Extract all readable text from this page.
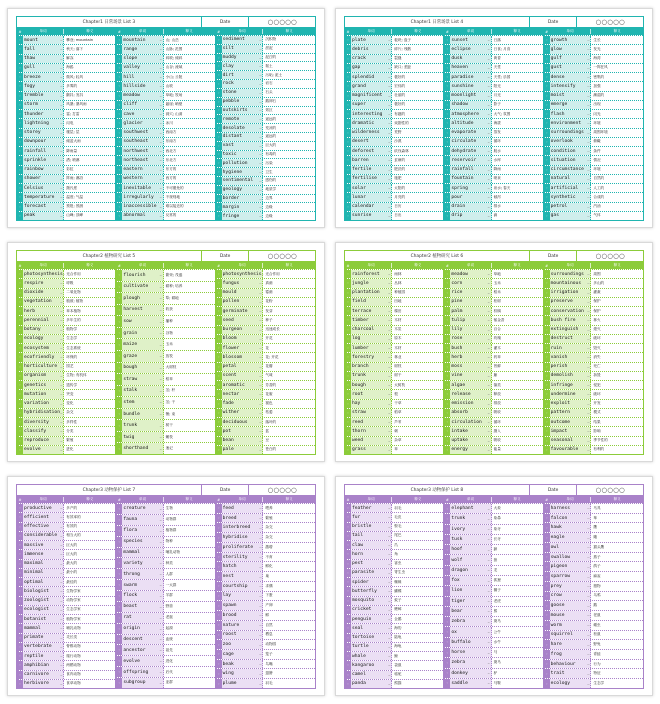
Chapter1 日常场景 List 3	Date	○○○○○
#	单词	释义
◦ mount	…	攀登; mountain
◦ fall	…	秋天; 落下
◦ thaw	…	解冻
◦ gull	…	海鸥
◦ breeze	…	微风; 轻风
◦ fogy	…	多雾的
◦ tremble	…	颤抖; 发抖
◦ storm	…	风暴; 暴风雨
◦ thunder	…	雷; 打雷
◦ lightning	…	闪电
◦ storey	…	楼层; 层
◦ downpour	…	倾盆大雨
◦ rainfall	…	降雨量
◦ sprinkle	…	洒; 喷淋
◦ rainbow	…	彩虹
◦ shower	…	阵雨; 淋浴
◦ Celsius	…	摄氏度
◦ temperature …	温度; 气温
◦ forecast	…	预报; 预测
◦ peak	…	山峰; 顶峰
#	单词	释义
◦ mountain	…	山; 山岳
◦ range	…	山脉; 范围
◦ slope	…	斜坡; 倾斜
◦ valley	…	山谷; 流域
◦ hill	…	小山; 丘陵
◦ hillside	…	山坡
◦ meadow	…	草地; 牧场
◦ cliff	…	悬崖; 峭壁
◦ cave	…	洞穴; 山洞
◦ glacier	…	冰川
◦ southwest	…	西南方
◦ southeast	…	东南方
◦ northwest	…	西北方
◦ northeast	…	东北方
◦ eastern	…	东方的
◦ western	…	西方的
◦ inevitable	…	不可避免的
◦ irregularly …	不规则地
◦ inaccessible …	难以接近的
◦ abnormal	…	反常的
#	单词	释义
◦ sediment	…	沉积物
◦ silt	…	淤泥
◦ muddy	…	泥泞的
◦ clay	…	黏土
◦ dirt	…	污垢; 泥土
◦ rock	…	岩石
◦ stone	…	石头
◦ pebble	…	鹅卵石
◦ outskirts	…	郊区
◦ remote	…	遥远的
◦ desolate	…	荒凉的
◦ distant	…	遥远的
◦ vast	…	巨大的
◦ toxic	…	有毒的
◦ pollution	…	污染
◦ hygiene	…	卫生
◦ sentimental …	感伤的
◦ geology	…	地质学
◦ border	…	边界
◦ margin	…	边缘
◦ fringe	…	边缘
Chapter1 日常场景 List 4	Date	○○○○○
#	单词	释义
◦ plate	…	板块; 盘子
◦ debris	…	碎片; 残骸
◦ crack	…	裂缝
◦ gap	…	缺口; 差距
◦ splendid	…	极好的
◦ grand	…	宏伟的
◦ magnificent …	壮丽的
◦ super	…	极好的
◦ interesting …	有趣的
◦ dramatic	…	戏剧性的
◦ wilderness	…	荒野
◦ desert	…	沙漠
◦ deforest	…	砍伐森林
◦ barren	…	贫瘠的
◦ fertile	…	肥沃的
◦ fertilise	…	施肥
◦ solar	…	太阳的
◦ lunar	…	月亮的
◦ calendar	…	日历
◦ sunrise	…	日出
#	单词	释义
◦ sunset	…	日落
◦ eclipse	…	日食; 月食
◦ dusk	…	黄昏
◦ heaven	…	天堂
◦ paradise	…	天堂; 乐园
◦ sunshine	…	阳光
◦ moonlight	…	月光
◦ shadow	…	影子
◦ atmosphere	…	大气; 氛围
◦ altitude	…	海拔
◦ evaporate	…	蒸发
◦ circulate	…	循环
◦ dehydrate	…	脱水
◦ reservoir	…	水库
◦ rainfall	…	降雨
◦ fountain	…	喷泉
◦ spring	…	泉水; 春天
◦ pour	…	倾泻
◦ drain	…	排水
◦ drip	…	滴
#	单词	释义
◦ growth	…	生长
◦ glow	…	发光
◦ gulf	…	海湾
◦ gust	…	一阵狂风
◦ dense	…	密集的
◦ intensify	…	加强
◦ moist	…	潮湿的
◦ emerge	…	出现
◦ flash	…	闪光
◦ environment …	环境
◦ surroundings …	周围环境
◦ overlook	…	俯瞰
◦ condition	…	条件
◦ situation	…	情况
◦ circumstance …	环境
◦ natural	…	自然的
◦ artificial	…	人工的
◦ synthetic	…	合成的
◦ petrol	…	汽油
◦ gas	…	气体
Chapter2 植物研究 List 5	Date	○○○○○
#	单词	释义
◦ photosynthesis … 光合作用
◦ respire	…	呼吸
◦ dioxide	…	二氧化物
◦ vegetation	…	植被; 植物
◦ herb	…	草本植物
◦ perennial	…	多年生的
◦ botany	…	植物学
◦ ecology	…	生态学
◦ ecosystem	…	生态系统
◦ ecofriendly …	环保的
◦ horticulture …	园艺
◦ organism	…	生物; 有机体
◦ genetics	…	遗传学
◦ mutation	…	突变
◦ variation	…	变化
◦ hybridisation …	杂交
◦ diversity	…	多样性
◦ classify	…	分类
◦ reproduce	…	繁殖
◦ evolve	…	进化
#	单词	释义
◦ flourish	…	繁荣; 茂盛
◦ cultivate	…	耕种; 培养
◦ plough	…	犁; 耕地
◦ harvest	…	收获
◦ sow	…	播种
◦ grain	…	谷物
◦ maize	…	玉米
◦ graze	…	放牧
◦ bough	…	大树枝
◦ straw	…	稻草
◦ stalk	…	茎; 秆
◦ stem	…	茎; 干
◦ bundle	…	捆; 束
◦ trunk	…	树干
◦ twig	…	嫩枝
◦ shorthand	…	速记
#	单词	释义
◦ photosynthesis … 光合作用
◦ fungus	…	真菌
◦ mould	…	霉菌
◦ pollen	…	花粉
◦ germinate	…	发芽
◦ seed	…	种子
◦ burgeon	…	迅速成长
◦ bloom	…	开花
◦ flower	…	花
◦ blossom	…	花; 开花
◦ petal	…	花瓣
◦ scent	…	气味
◦ aromatic	…	芳香的
◦ nectar	…	花蜜
◦ fade	…	褪色
◦ wither	…	枯萎
◦ deciduous	…	落叶的
◦ pot	…	盆
◦ bean	…	豆
◦ pale	…	苍白的
Chapter2 植物研究 List 6	Date	○○○○○
#	单词	释义
◦ rainforest	…	雨林
◦ jungle	…	丛林
◦ plantation	…	种植园
◦ field	…	田地
◦ terrace	…	梯田
◦ timber	…	木材
◦ charcoal	…	木炭
◦ log	…	原木
◦ lumber	…	木材
◦ forestry	…	林业
◦ branch	…	树枝
◦ trunk	…	树干
◦ bough	…	大树枝
◦ root	…	根
◦ hay	…	干草
◦ straw	…	稻草
◦ reed	…	芦苇
◦ thorn	…	刺
◦ weed	…	杂草
◦ grass	…	草
#	单词	释义
◦ meadow	…	草地
◦ corn	…	玉米
◦ rice	…	稻米
◦ pine	…	松树
◦ palm	…	棕榈
◦ tulip	…	郁金香
◦ lily	…	百合
◦ rose	…	玫瑰
◦ bush	…	灌木
◦ herb	…	药草
◦ moss	…	苔藓
◦ vine	…	藤
◦ algae	…	藻类
◦ release	…	释放
◦ emission	…	排放
◦ absorb	…	吸收
◦ circulation …	循环
◦ intake	…	摄入
◦ uptake	…	吸收
◦ energy	…	能量
#	单词	释义
◦ surroundings …	周围
◦ mountainous …	多山的
◦ irrigation	…	灌溉
◦ preserve	…	保护
◦ conservation …	保护
◦ bush fire	…	林火
◦ extinguish	…	熄灭
◦ destruct	…	破坏
◦ ruin	…	毁灭
◦ vanish	…	消失
◦ perish	…	死亡
◦ demolish	…	拆毁
◦ infringe	…	侵犯
◦ undermine	…	破坏
◦ exploit	…	开发
◦ pattern	…	模式
◦ outcome	…	结果
◦ impact	…	影响
◦ seasonal	…	季节性的
◦ favourable	…	有利的
Chapter3 动物保护 List 7	Date	○○○○○
#	单词	释义
◦ productive	…	多产的
◦ efficient	…	有效率的
◦ effective	…	有效的
◦ considerable …	相当大的
◦ massive	…	巨大的
◦ immense	…	巨大的
◦ maximal	…	最大的
◦ minimal	…	最小的
◦ optimal	…	最佳的
◦ biologist	…	生物学家
◦ zoologist	…	动物学家
◦ ecologist	…	生态学家
◦ botanist	…	植物学家
◦ mammal	…	哺乳动物
◦ primate	…	灵长类
◦ vertebrate	…	脊椎动物
◦ reptile	…	爬行动物
◦ amphibian	…	两栖动物
◦ carnivore	…	食肉动物
◦ herbivore	…	食草动物
#	单词	释义
◦ creature	…	生物
◦ fauna	…	动物群
◦ flora	…	植物群
◦ species	…	物种
◦ mammal	…	哺乳动物
◦ variety	…	种类
◦ throng	…	人群
◦ swarm	…	一大群
◦ flock	…	羊群
◦ beast	…	野兽
◦ rat	…	老鼠
◦ origin	…	起源
◦ descent	…	血统
◦ ancestor	…	祖先
◦ evolve	…	进化
◦ offspring	…	后代
◦ subgroup	…	亚群
#	单词	释义
◦ feed	…	喂养
◦ breed	…	繁殖
◦ interbreed	…	杂交
◦ hybridise	…	杂交
◦ proliferate …	激增
◦ sterility	…	不育
◦ hatch	…	孵化
◦ nest	…	巢
◦ courtship	…	求偶
◦ lay	…	下蛋
◦ spawn	…	产卵
◦ brood	…	孵
◦ nature	…	自然
◦ roost	…	栖息
◦ zoo	…	动物园
◦ cage	…	笼子
◦ beak	…	鸟嘴
◦ wing	…	翅膀
◦ plume	…	羽毛
Chapter3 动物保护 List 8	Date	○○○○○
#	单词	释义
◦ feather	…	羽毛
◦ fur	…	毛皮
◦ bristle	…	鬃毛
◦ tail	…	尾巴
◦ claw	…	爪
◦ horn	…	角
◦ pest	…	害虫
◦ parasite	…	寄生虫
◦ spider	…	蜘蛛
◦ butterfly	…	蝴蝶
◦ mosquito	…	蚊子
◦ cricket	…	蟋蟀
◦ penguin	…	企鹅
◦ seal	…	海豹
◦ tortoise	…	陆龟
◦ turtle	…	海龟
◦ whale	…	鲸
◦ kangaroo	…	袋鼠
◦ camel	…	骆驼
◦ panda	…	熊猫
#	单词	释义
◦ elephant	…	大象
◦ trunk	…	象鼻
◦ ivory	…	象牙
◦ tusk	…	长牙
◦ hoof	…	蹄
◦ wolf	…	狼
◦ dragon	…	龙
◦ fox	…	狐狸
◦ lion	…	狮子
◦ tiger	…	老虎
◦ bear	…	熊
◦ zebra	…	斑马
◦ ox	…	公牛
◦ buffalo	…	水牛
◦ horse	…	马
◦ zebra	…	斑马
◦ donkey	…	驴
◦ saddle	…	马鞍
#	单词	释义
◦ harness	…	马具
◦ falcon	…	隼
◦ hawk	…	鹰
◦ eagle	…	雕
◦ owl	…	猫头鹰
◦ swallow	…	燕子
◦ pigeon	…	鸽子
◦ sparrow	…	麻雀
◦ prey	…	猎物
◦ crow	…	乌鸦
◦ goose	…	鹅
◦ mouse	…	老鼠
◦ worm	…	蠕虫
◦ squirrel	…	松鼠
◦ hare	…	野兔
◦ frog	…	青蛙
◦ behaviour	…	行为
◦ trait	…	特征
◦ ecology	…	生态学
